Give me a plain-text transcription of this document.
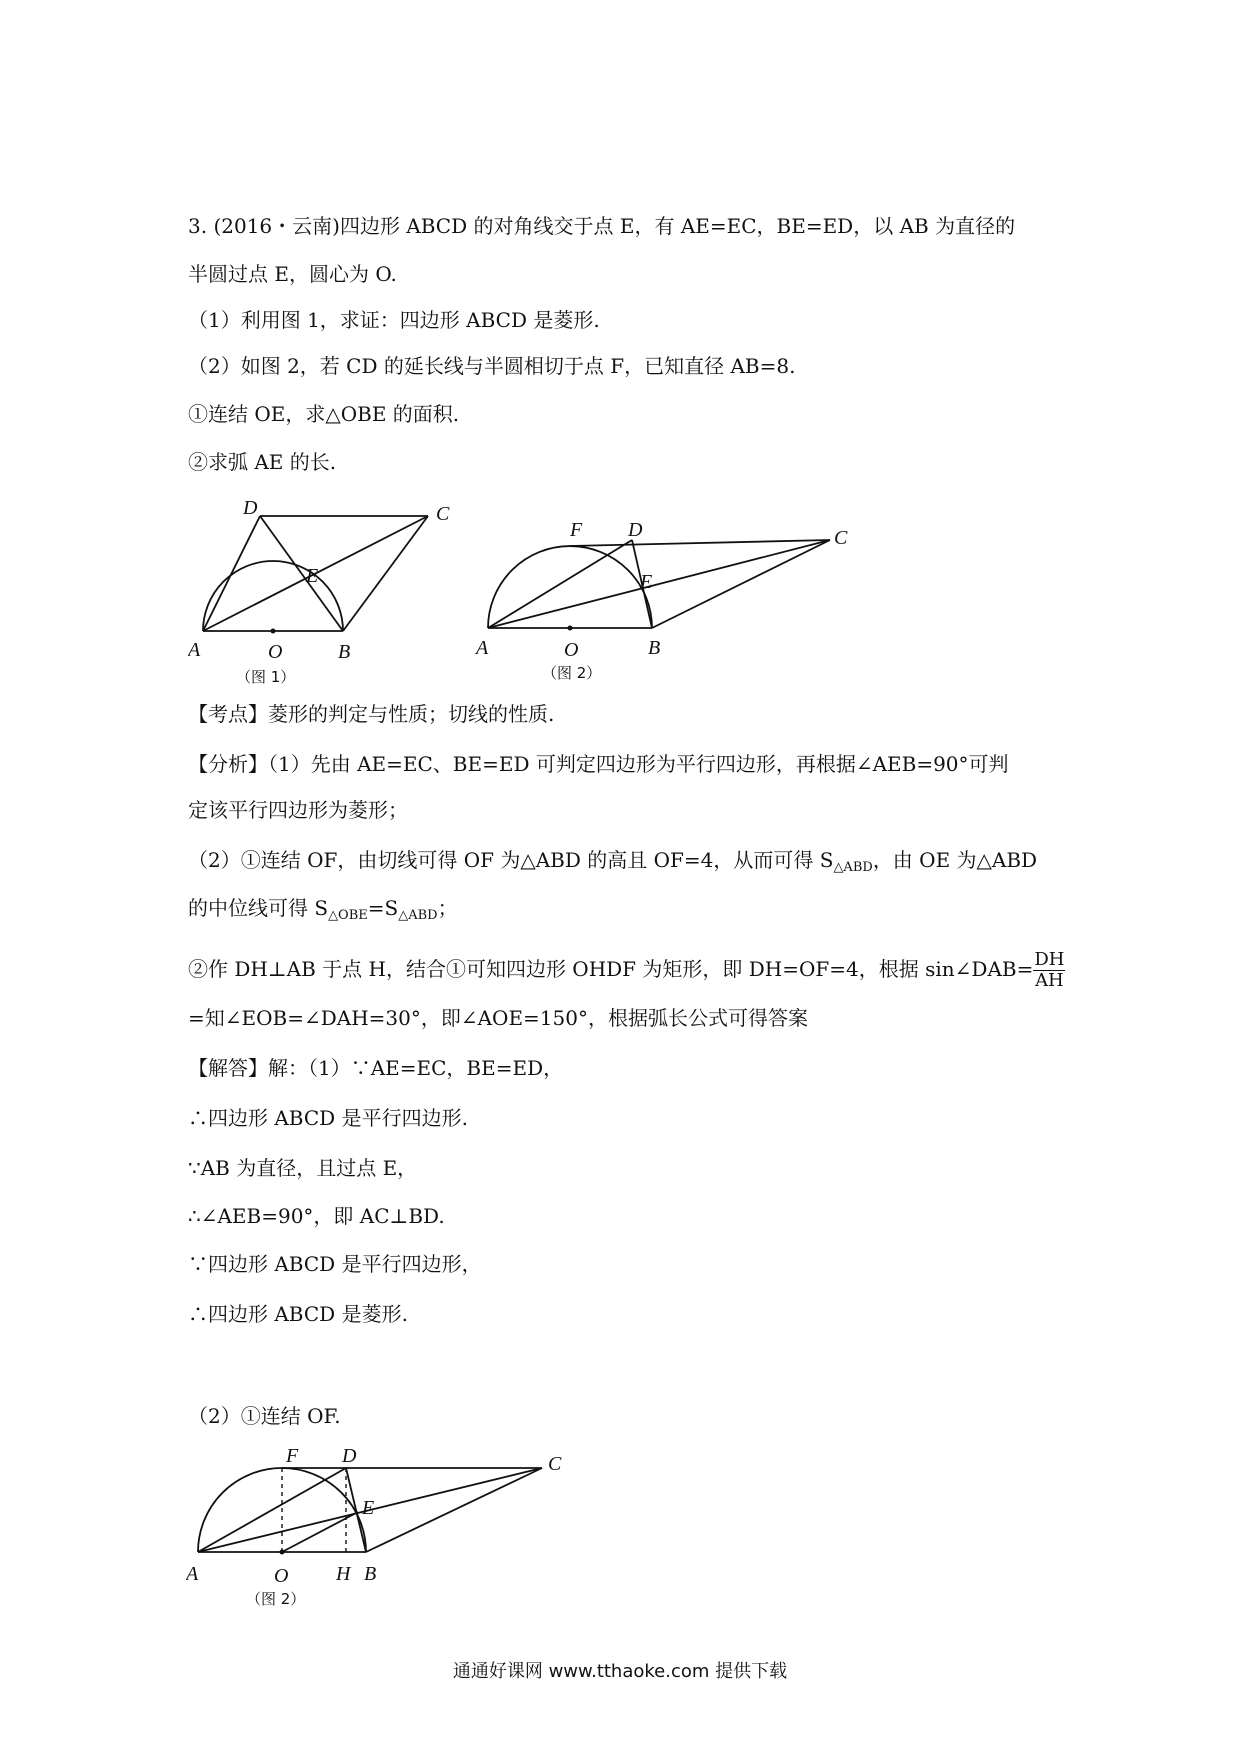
3. (2016・云南)四边形 ABCD 的对角线交于点 E，有 AE=EC，BE=ED，以 AB 为直径的
半圆过点 E，圆心为 O.
（1）利用图 1，求证：四边形 ABCD 是菱形.
（2）如图 2，若 CD 的延长线与半圆相切于点 F，已知直径 AB=8.
①连结 OE，求△OBE 的面积.
②求弧 AE 的长.
D	C
E
A	O	B
（图 1）
F D	C
E
A	O	B
（图 2）
【考点】菱形的判定与性质；切线的性质.
【分析】（1）先由 AE=EC、BE=ED 可判定四边形为平行四边形，再根据∠AEB=90°可判
定该平行四边形为菱形；
（2）①连结 OF，由切线可得 OF 为△ABD 的高且 OF=4，从而可得 $S_{\triangle ABD}$，由 OE 为△ABD
的中位线可得 $S_{\triangle OBE}=S_{\triangle ABD}$；
②作 DH⊥AB 于点 H，结合①可知四边形 OHDF 为矩形，即 DH=OF=4，根据 sin∠DAB= $\frac{DH}{AH}$
=知∠EOB=∠DAH=30°，即∠AOE=150°，根据弧长公式可得答案
【解答】解：（1）∵AE=EC，BE=ED，
∴四边形 ABCD 是平行四边形.
∵AB 为直径，且过点 E，
∴∠AEB=90°，即 AC⊥BD.
∵四边形 ABCD 是平行四边形，
∴四边形 ABCD 是菱形.
（2）①连结 OF.
F D	C
E
A	O H B
（图 2）
通通好课网 www.tthaoke.com 提供下载
